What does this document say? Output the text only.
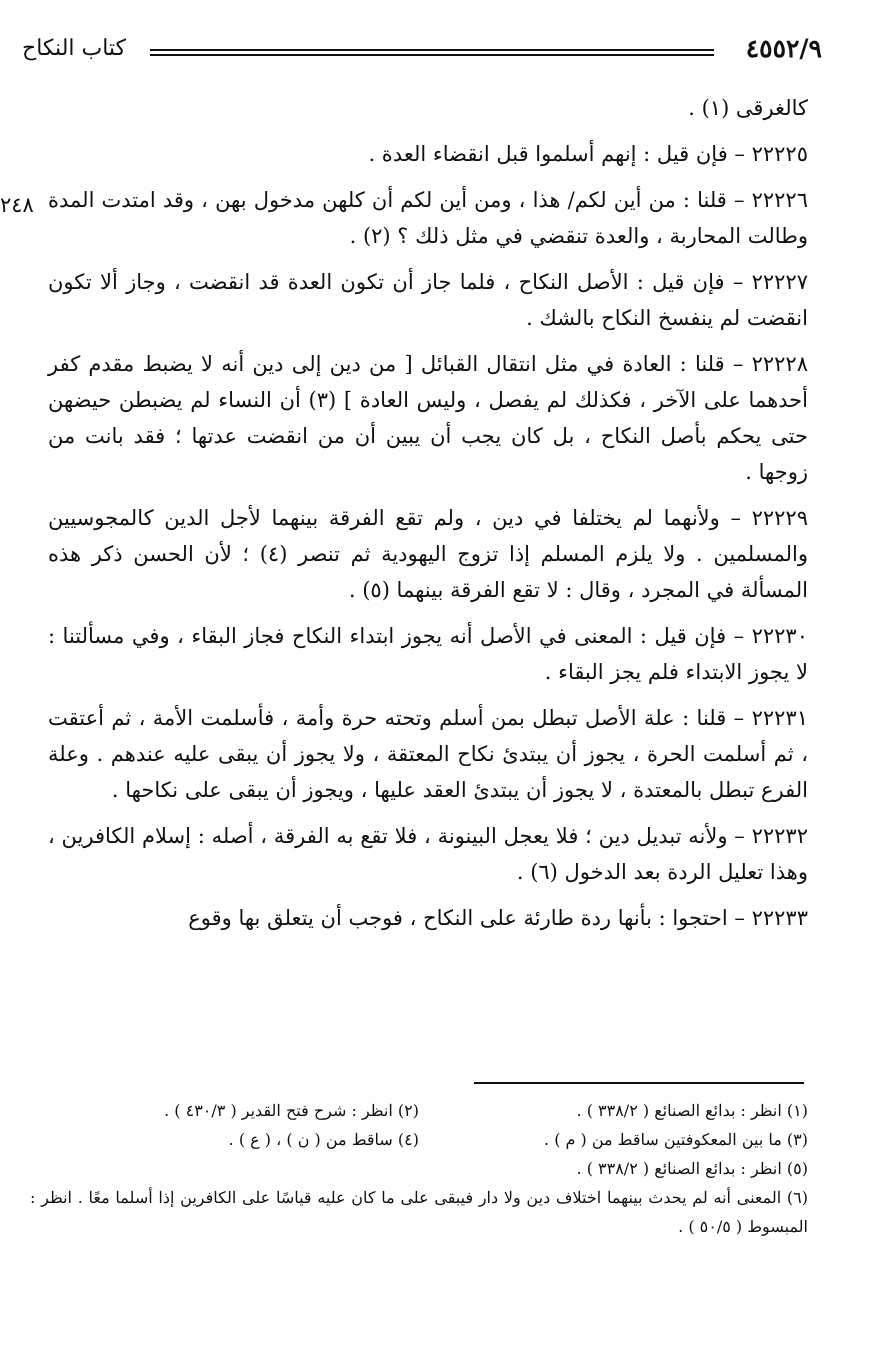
٤٥٥٢/٩
كتاب النكاح
٢٤٨

كالغرقى (١) .

٢٢٢٢٥ – فإن قيل : إنهم أسلموا قبل انقضاء العدة .

٢٢٢٢٦ – قلنا : من أين لكم/ هذا ، ومن أين لكم أن كلهن مدخول بهن ، وقد امتدت المدة وطالت المحاربة ، والعدة تنقضي في مثل ذلك ؟ (٢) .

٢٢٢٢٧ – فإن قيل : الأصل النكاح ، فلما جاز أن تكون العدة قد انقضت ، وجاز ألا تكون انقضت لم ينفسخ النكاح بالشك .

٢٢٢٢٨ – قلنا : العادة في مثل انتقال القبائل [ من دين إلى دين أنه لا يضبط مقدم كفر أحدهما على الآخر ، فكذلك لم يفصل ، وليس العادة ] (٣) أن النساء لم يضبطن حيضهن حتى يحكم بأصل النكاح ، بل كان يجب أن يبين أن من انقضت عدتها ؛ فقد بانت من زوجها .

٢٢٢٢٩ – ولأنهما لم يختلفا في دين ، ولم تقع الفرقة بينهما لأجل الدين كالمجوسيين والمسلمين . ولا يلزم المسلم إذا تزوج اليهودية ثم تنصر (٤) ؛ لأن الحسن ذكر هذه المسألة في المجرد ، وقال : لا تقع الفرقة بينهما (٥) .

٢٢٢٣٠ – فإن قيل : المعنى في الأصل أنه يجوز ابتداء النكاح فجاز البقاء ، وفي مسألتنا : لا يجوز الابتداء فلم يجز البقاء .

٢٢٢٣١ – قلنا : علة الأصل تبطل بمن أسلم وتحته حرة وأمة ، فأسلمت الأمة ، ثم أعتقت ، ثم أسلمت الحرة ، يجوز أن يبتدئ نكاح المعتقة ، ولا يجوز أن يبقى عليه عندهم . وعلة الفرع تبطل بالمعتدة ، لا يجوز أن يبتدئ العقد عليها ، ويجوز أن يبقى على نكاحها .

٢٢٢٣٢ – ولأنه تبديل دين ؛ فلا يعجل البينونة ، فلا تقع به الفرقة ، أصله : إسلام الكافرين ، وهذا تعليل الردة بعد الدخول (٦) .

٢٢٢٣٣ – احتجوا : بأنها ردة طارئة على النكاح ، فوجب أن يتعلق بها وقوع

(١) انظر : بدائع الصنائع ( ٣٣٨/٢ ) .
(٢) انظر : شرح فتح القدير ( ٤٣٠/٣ ) .
(٣) ما بين المعكوفتين ساقط من ( م ) .
(٤) ساقط من ( ن ) ، ( ع ) .
(٥) انظر : بدائع الصنائع ( ٣٣٨/٢ ) .
(٦) المعنى أنه لم يحدث بينهما اختلاف دين ولا دار فيبقى على ما كان عليه قياسًا على الكافرين إذا أسلما معًا . انظر : المبسوط ( ٥٠/٥ ) .
